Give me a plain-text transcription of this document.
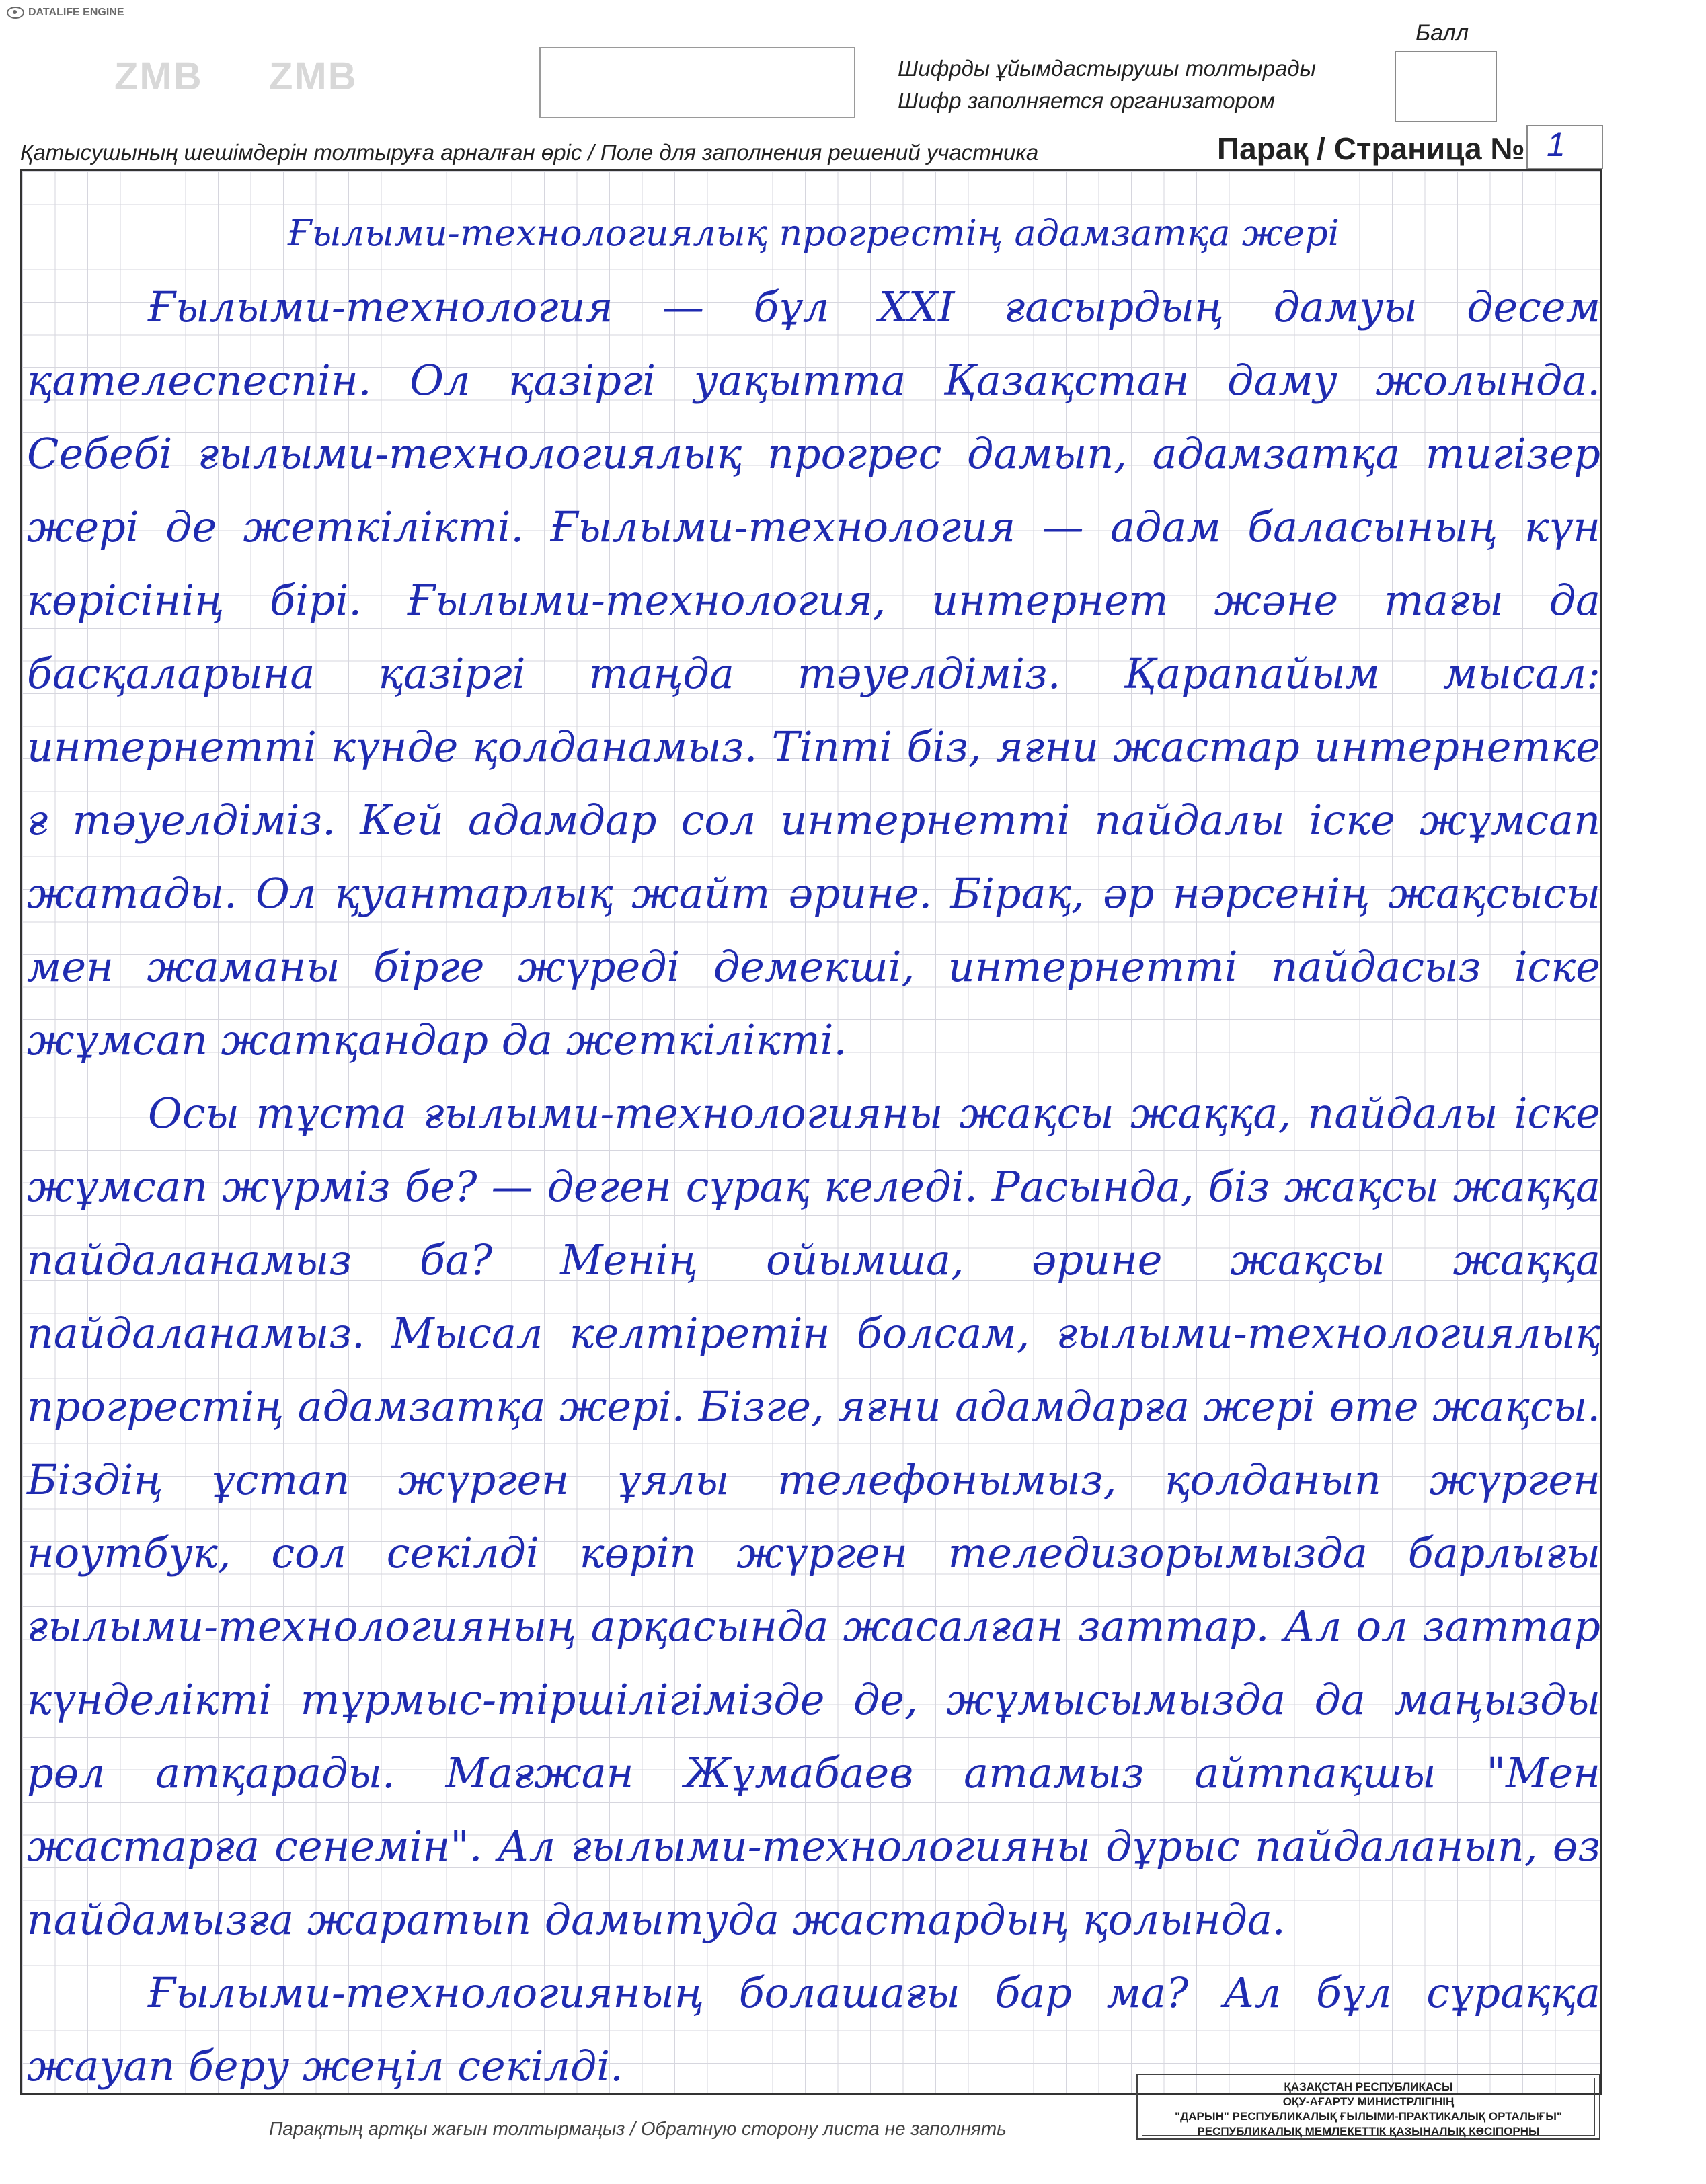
DATALIFE ENGINE
ZMB ZMB	Шифрды ұйымдастырушы толтырады
Шифр заполняется организатором
Балл
Қатысушының шешімдерін толтыруға арналған өріс / Поле для заполнения решений участника	Парақ / Страница № 1
Ғылыми-технологиялық прогрестің адамзатқа жері

Ғылыми-технология — бұл XXI ғасырдың дамуы десем қателеспеспін. Ол қазіргі уақытта Қазақстан даму жолында. Себебі ғылыми-технологиялық прогрес дамып, адамзатқа тигізер жері де жеткілікті. Ғылыми-технология — адам баласының күн көрісінің бірі. Ғылыми-технология, интернет және тағы да басқаларына қазіргі таңда тәуелдіміз. Қарапайым мысал: интернетті күнде қолданамыз. Тіпті біз, яғни жастар интернетке ғ тәуелдіміз. Кей адамдар сол интернетті пайдалы іске жұмсап жатады. Ол қуантарлық жайт әрине. Бірақ, әр нәрсенің жақсысы мен жаманы бірге жүреді демекші, интернетті пайдасыз іске жұмсап жатқандар да жеткілікті.

Осы тұста ғылыми-технологияны жақсы жаққа, пайдалы іске жұмсап жүрміз бе? — деген сұрақ келеді. Расында, біз жақсы жаққа пайдаланамыз ба? Менің ойымша, әрине жақсы жаққа пайдаланамыз. Мысал келтіретін болсам, ғылыми-технологиялық прогрестің адамзатқа жері. Бізге, яғни адамдарға жері өте жақсы. Біздің ұстап жүрген ұялы телефонымыз, қолданып жүрген ноутбук, сол секілді көріп жүрген теледизорымызда барлығы ғылыми-технологияның арқасында жасалған заттар. Ал ол заттар күнделікті тұрмыс-тіршілігімізде де, жұмысымызда да маңызды рөл атқарады. Мағжан Жұмабаев атамыз айтпақшы "Мен жастарға сенемін". Ал ғылыми-технологияны дұрыс пайдаланып, өз пайдамызға жаратып дамытуда жастардың қолында.

Ғылыми-технологияның болашағы бар ма? Ал бұл сұраққа жауап беру жеңіл секілді.

Парақтың артқы жағын толтырмаңыз / Обратную сторону листа не заполнять
ҚАЗАҚСТАН РЕСПУБЛИКАСЫ
ОҚУ-АҒАРТУ МИНИСТРЛІГІНІҢ
"ДАРЫН" РЕСПУБЛИКАЛЫҚ ҒЫЛЫМИ-ПРАКТИКАЛЫҚ ОРТАЛЫҒЫ"
РЕСПУБЛИКАЛЫҚ МЕМЛЕКЕТТІК ҚАЗЫНАЛЫҚ КӘСІПОРНЫ
